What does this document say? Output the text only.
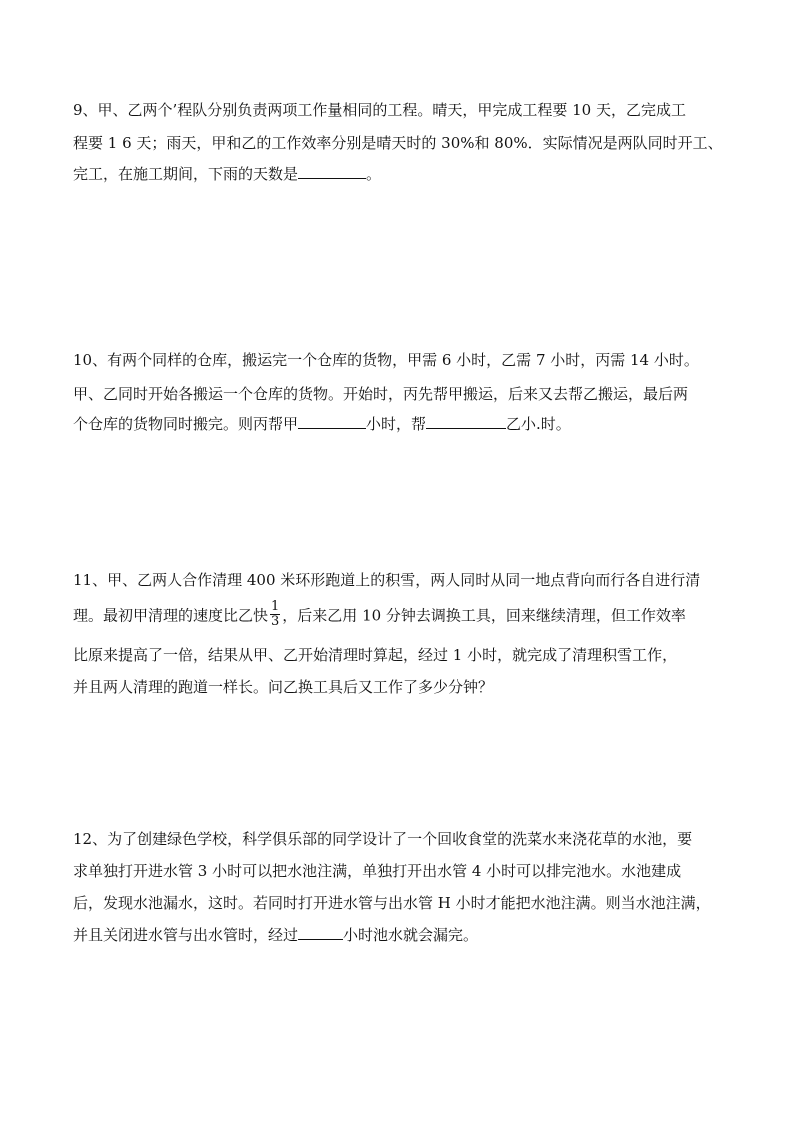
9、甲、乙两个’程队分别负责两项工作量相同的工程。晴天，甲完成工程要 10 天，乙完成工
程要 1 6 天；雨天，甲和乙的工作效率分别是晴天时的 30%和 80%．实际情况是两队同时开工、
完工，在施工期间，下雨的天数是	。
10、有两个同样的仓库，搬运完一个仓库的货物，甲需 6 小时，乙需 7 小时，丙需 14 小时。
甲、乙同时开始各搬运一个仓库的货物。开始时，丙先帮甲搬运，后来又去帮乙搬运，最后两
个仓库的货物同时搬完。则丙帮甲	小时，帮	乙小.时。
11、甲、乙两人合作清理 400 米环形跑道上的积雪，两人同时从同一地点背向而行各自进行清
理。最初甲清理的速度比乙快 $\frac{1}{3}$ ，后来乙用 10 分钟去调换工具，回来继续清理，但工作效率
比原来提高了一倍，结果从甲、乙开始清理时算起，经过 1 小时，就完成了清理积雪工作，
并且两人清理的跑道一样长。问乙换工具后又工作了多少分钟？
12、为了创建绿色学校，科学俱乐部的同学设计了一个回收食堂的洗菜水来浇花草的水池，要
求单独打开进水管 3 小时可以把水池注满，单独打开出水管 4 小时可以排完池水。水池建成
后，发现水池漏水，这时。若同时打开进水管与出水管 H 小时才能把水池注满。则当水池注满，
并且关闭进水管与出水管时，经过	小时池水就会漏完。
